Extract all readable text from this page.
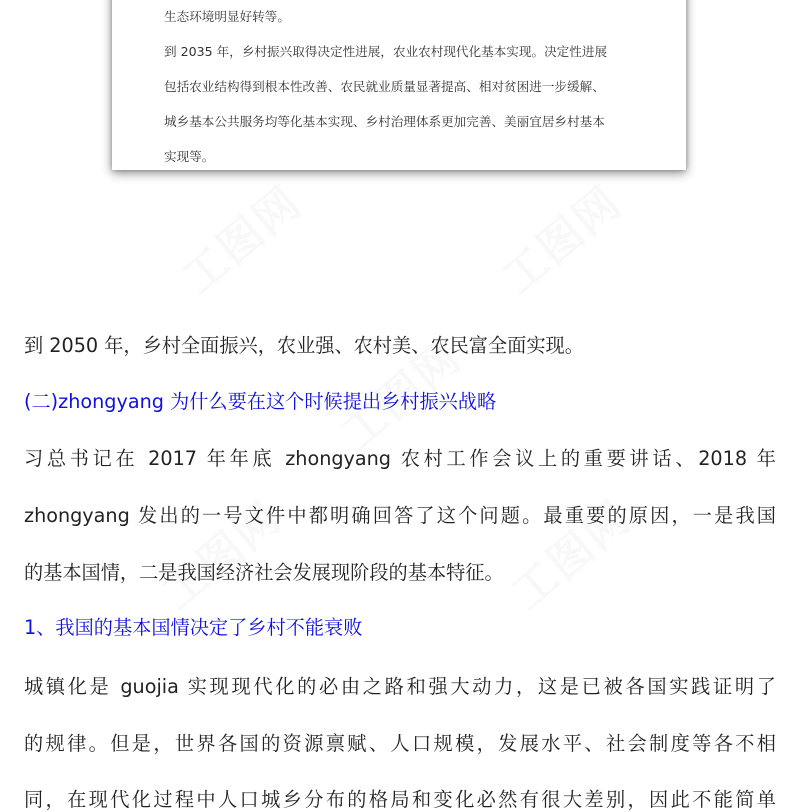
工图网	工图网
工图网
工图网	工图网
生态环境明显好转等。
到 2035 年，乡村振兴取得决定性进展，农业农村现代化基本实现。决定性进展
包括农业结构得到根本性改善、农民就业质量显著提高、相对贫困进一步缓解、
城乡基本公共服务均等化基本实现、乡村治理体系更加完善、美丽宜居乡村基本
实现等。
到 2050 年，乡村全面振兴，农业强、农村美、农民富全面实现。
(二)zhongyang 为什么要在这个时候提出乡村振兴战略
习总书记在 2017 年年底 zhongyang 农村工作会议上的重要讲话、2018 年
zhongyang 发出的一号文件中都明确回答了这个问题。最重要的原因，一是我国
的基本国情，二是我国经济社会发展现阶段的基本特征。
1、我国的基本国情决定了乡村不能衰败
城镇化是 guojia 实现现代化的必由之路和强大动力，这是已被各国实践证明了
的规律。但是，世界各国的资源禀赋、人口规模，发展水平、社会制度等各不相
同，在现代化过程中人口城乡分布的格局和变化必然有很大差别，因此不能简单
